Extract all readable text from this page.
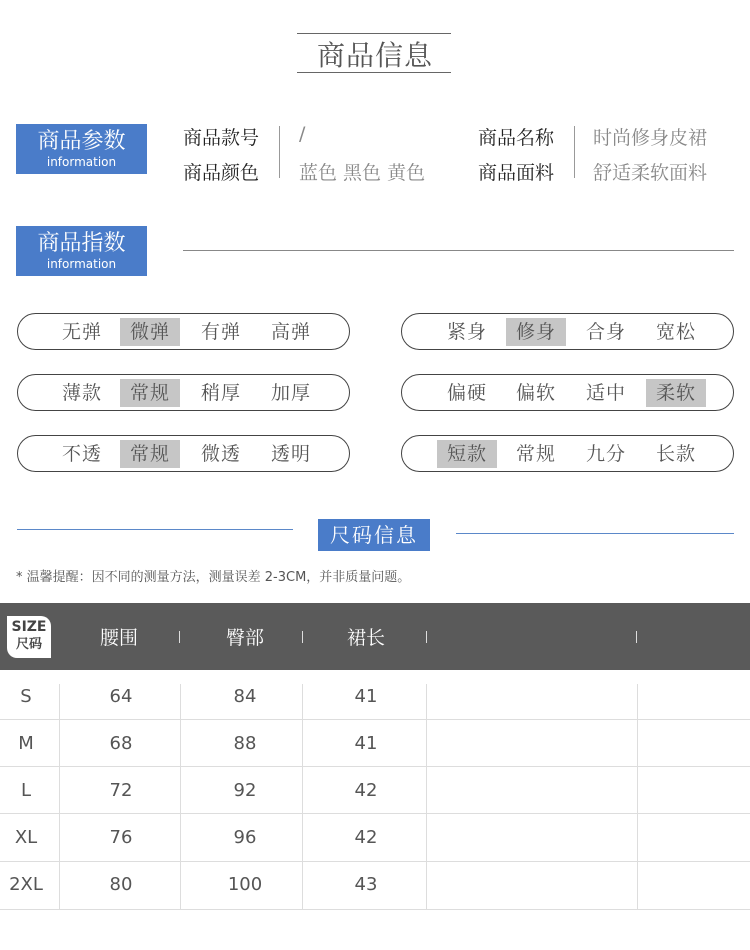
商品信息
商品参数
information
商品款号 /	商品名称 时尚修身皮裙
商品颜色 蓝色 黑色 黄色	商品面料 舒适柔软面料
商品指数
information
无弹	微弹	有弹	高弹	紧身	修身	合身	宽松
薄款	常规	稍厚	加厚	偏硬	偏软	适中	柔软
不透	常规	微透	透明	短款	常规	九分	长款
尺码信息
* 温馨提醒：因不同的测量方法，测量误差 2-3CM，并非质量问题。
SIZE
尺码	腰围	臀部	裙长
S	64	84	41
M	68	88	41
L	72	92	42
XL	76	96	42
2XL	80	100	43
